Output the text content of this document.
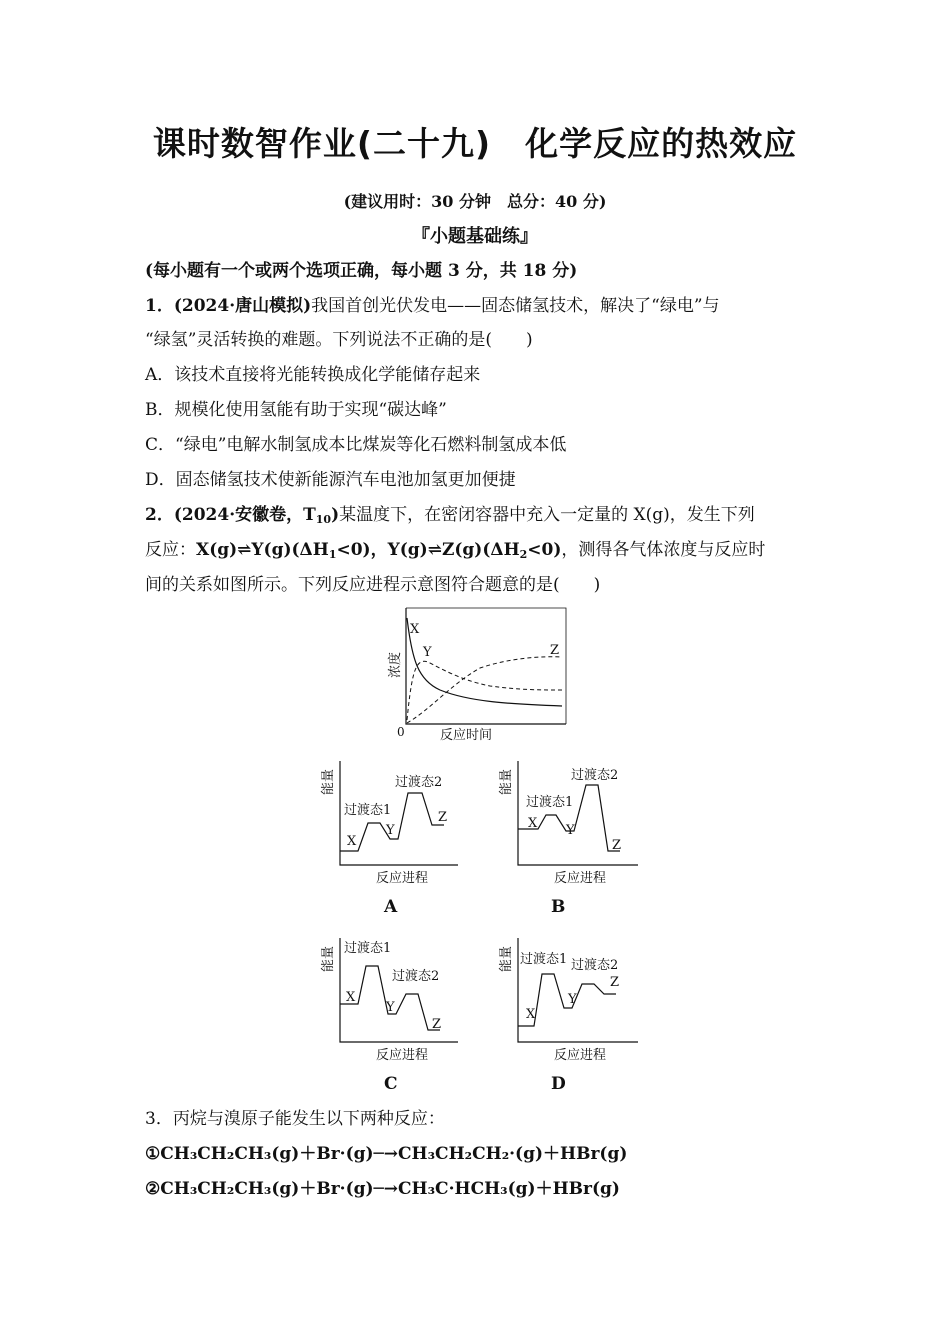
课时数智作业(二十九)　化学反应的热效应
(建议用时：30 分钟　总分：40 分)
『小题基础练』
(每小题有一个或两个选项正确，每小题 3 分，共 18 分)
1．(2024·唐山模拟)我国首创光伏发电——固态储氢技术，解决了“绿电”与
“绿氢”灵活转换的难题。下列说法不正确的是(　　)
A．该技术直接将光能转换成化学能储存起来
B．规模化使用氢能有助于实现“碳达峰”
C．“绿电”电解水制氢成本比煤炭等化石燃料制氢成本低
D．固态储氢技术使新能源汽车电池加氢更加便捷
2．(2024·安徽卷，$T_{10}$)某温度下，在密闭容器中充入一定量的 X(g)，发生下列
反应：$X(g)\rightleftharpoons Y(g)(\Delta H_1<0)$，$Y(g)\rightleftharpoons Z(g)(\Delta H_2<0)$，测得各气体浓度与反应时
间的关系如图所示。下列反应进程示意图符合题意的是(　　)
X
Y	Z
浓度
0	反应时间
能量
过渡态1
过渡态2
X
Y
Z
反应进程
A
能量
过渡态1
过渡态2
X Y
Z
反应进程
B
能量 过渡态1
过渡态2
X
Y
Z
反应进程
C
能量 过渡态1 过渡态2
X
Y
Z
反应进程
D
3．丙烷与溴原子能发生以下两种反应：
①CH₃CH₂CH₃(g)＋Br·(g)─→CH₃CH₂CH₂·(g)＋HBr(g)
②CH₃CH₂CH₃(g)＋Br·(g)─→CH₃C·HCH₃(g)＋HBr(g)
